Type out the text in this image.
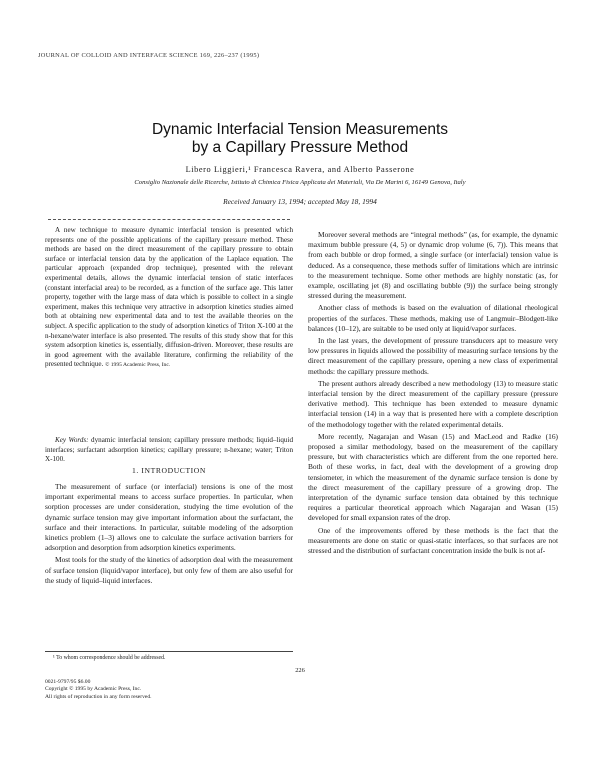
JOURNAL OF COLLOID AND INTERFACE SCIENCE 169, 226–237 (1995)
Dynamic Interfacial Tension Measurements
by a Capillary Pressure Method
Libero Liggieri,¹ Francesca Ravera, and Alberto Passerone
Consiglio Nazionale delle Ricerche, Istituto di Chimica Fisica Applicata dei Materiali, Via De Marini 6, 16149 Genova, Italy
Received January 13, 1994; accepted May 18, 1994

A new technique to measure dynamic interfacial tension is presented which represents one of the possible applications of the capillary pressure method. These methods are based on the direct measurement of the capillary pressure to obtain surface or interfacial tension data by the application of the Laplace equation. The particular approach (expanded drop technique), presented with the relevant experimental details, allows the dynamic interfacial tension of static interfaces (constant interfacial area) to be recorded, as a function of the surface age. This latter property, together with the large mass of data which is possible to collect in a single experiment, makes this technique very attractive in adsorption kinetics studies aimed both at obtaining new experimental data and to test the available theories on the subject. A specific application to the study of adsorption kinetics of Triton X-100 at the n-hexane/water interface is also presented. The results of this study show that for this system adsorption kinetics is, essentially, diffusion-driven. Moreover, these results are in good agreement with the available literature, confirming the reliability of the presented technique. © 1995 Academic Press, Inc.

Key Words: dynamic interfacial tension; capillary pressure methods; liquid–liquid interfaces; surfactant adsorption kinetics; capillary pressure; n-hexane; water; Triton X-100.

1. INTRODUCTION

The measurement of surface (or interfacial) tensions is one of the most important experimental means to access surface properties. In particular, when sorption processes are under consideration, studying the time evolution of the dynamic surface tension may give important information about the surfactant, the surface and their interactions. In particular, suitable modeling of the adsorption kinetics problem (1–3) allows one to calculate the surface activation barriers for adsorption and desorption from adsorption kinetics experiments.

Most tools for the study of the kinetics of adsorption deal with the measurement of surface tension (liquid/vapor interface), but only few of them are also useful for the study of liquid–liquid interfaces.

¹ To whom correspondence should be addressed.

Moreover several methods are “integral methods” (as, for example, the dynamic maximum bubble pressure (4, 5) or dynamic drop volume (6, 7)). This means that from each bubble or drop formed, a single surface (or interfacial) tension value is deduced. As a consequence, these methods suffer of limitations which are intrinsic to the measurement technique. Some other methods are highly nonstatic (as, for example, oscillating jet (8) and oscillating bubble (9)) the surface being strongly stressed during the measurement.

Another class of methods is based on the evaluation of dilational rheological properties of the surfaces. These methods, making use of Langmuir–Blodgett-like balances (10–12), are suitable to be used only at liquid/vapor surfaces.

In the last years, the development of pressure transducers apt to measure very low pressures in liquids allowed the possibility of measuring surface tensions by the direct measurement of the capillary pressure, opening a new class of experimental methods: the capillary pressure methods.

The present authors already described a new methodology (13) to measure static interfacial tension by the direct measurement of the capillary pressure (pressure derivative method). This technique has been extended to measure dynamic interfacial tension (14) in a way that is presented here with a complete description of the methodology together with the related experimental details.

More recently, Nagarajan and Wasan (15) and MacLeod and Radke (16) proposed a similar methodology, based on the measurement of the capillary pressure, but with characteristics which are different from the one reported here. Both of these works, in fact, deal with the development of a growing drop tensiometer, in which the measurement of the dynamic surface tension is done by the direct measurement of the capillary pressure of a growing drop. The interpretation of the dynamic surface tension data obtained by this technique requires a particular theoretical approach which Nagarajan and Wasan (15) developed for small expansion rates of the drop.

One of the improvements offered by these methods is the fact that the measurements are done on static or quasi-static interfaces, so that surfaces are not stressed and the distribution of surfactant concentration inside the bulk is not af-

226
0021-9797/95 $6.00
Copyright © 1995 by Academic Press, Inc.
All rights of reproduction in any form reserved.
